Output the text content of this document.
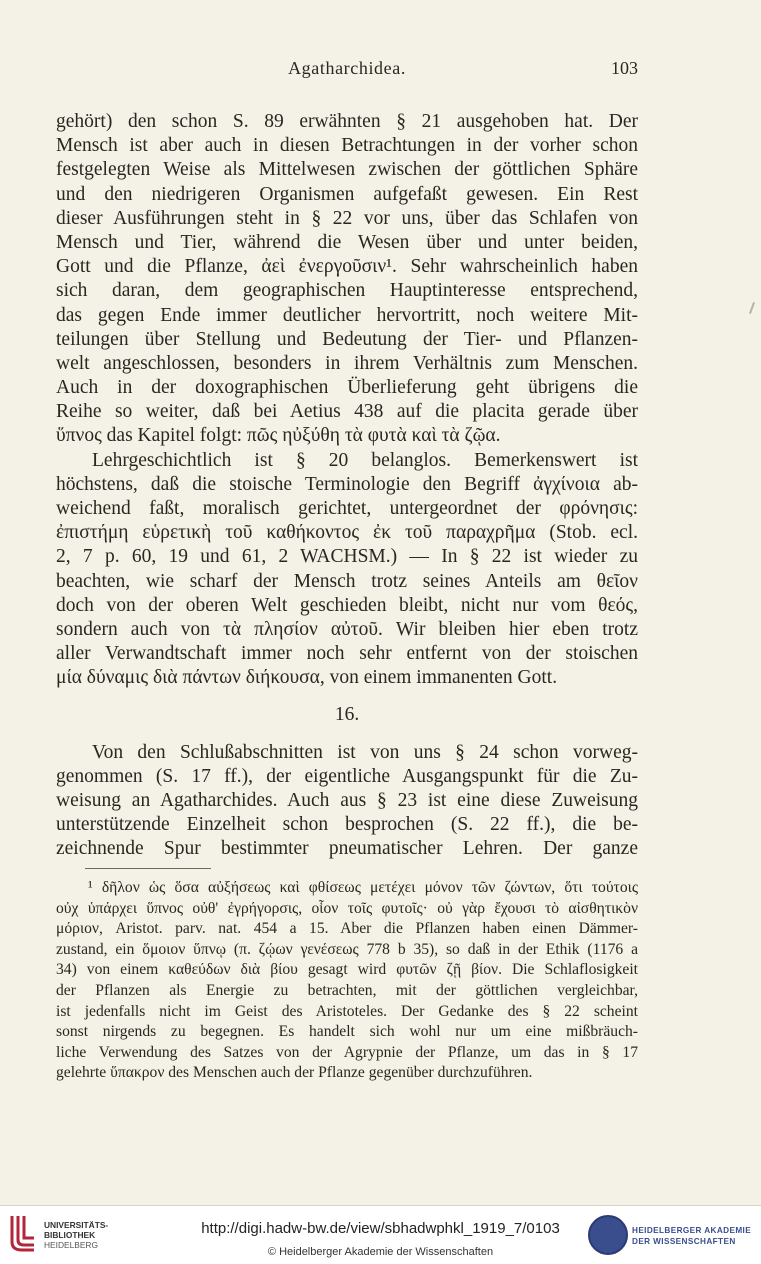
Agatharchidea.	103
gehört) den schon S. 89 erwähnten § 21 ausgehoben hat. Der
Mensch ist aber auch in diesen Betrachtungen in der vorher schon
festgelegten Weise als Mittelwesen zwischen der göttlichen Sphäre
und den niedrigeren Organismen aufgefaßt gewesen. Ein Rest
dieser Ausführungen steht in § 22 vor uns, über das Schlafen von
Mensch und Tier, während die Wesen über und unter beiden,
Gott und die Pflanze, ἀεὶ ἐνεργοῦσιν¹. Sehr wahrscheinlich haben
sich daran, dem geographischen Hauptinteresse entsprechend,
das gegen Ende immer deutlicher hervortritt, noch weitere Mit-
teilungen über Stellung und Bedeutung der Tier- und Pflanzen-
welt angeschlossen, besonders in ihrem Verhältnis zum Menschen.
Auch in der doxographischen Überlieferung geht übrigens die
Reihe so weiter, daß bei Aetius 438 auf die placita gerade über
ὕπνος das Kapitel folgt: πῶς ηὐξύθη τὰ φυτὰ καὶ τὰ ζῷα.
Lehrgeschichtlich ist § 20 belanglos. Bemerkenswert ist
höchstens, daß die stoische Terminologie den Begriff ἀγχίνοια ab-
weichend faßt, moralisch gerichtet, untergeordnet der φρόνησις:
ἐπιστήμη εὑρετικὴ τοῦ καθήκοντος ἐκ τοῦ παραχρῆμα (Stob. ecl.
2, 7 p. 60, 19 und 61, 2 WACHSM.) — In § 22 ist wieder zu
beachten, wie scharf der Mensch trotz seines Anteils am θεῖον
doch von der oberen Welt geschieden bleibt, nicht nur vom θεός,
sondern auch von τὰ πλησίον αὐτοῦ. Wir bleiben hier eben trotz
aller Verwandtschaft immer noch sehr entfernt von der stoischen
μία δύναμις διὰ πάντων διήκουσα, von einem immanenten Gott.
16.
Von den Schlußabschnitten ist von uns § 24 schon vorweg-
genommen (S. 17 ff.), der eigentliche Ausgangspunkt für die Zu-
weisung an Agatharchides. Auch aus § 23 ist eine diese Zuweisung
unterstützende Einzelheit schon besprochen (S. 22 ff.), die be-
zeichnende Spur bestimmter pneumatischer Lehren. Der ganze
¹ δῆλον ὡς ὅσα αὐξήσεως καὶ φθίσεως μετέχει μόνον τῶν ζώντων, ὅτι τούτοις
οὐχ ὑπάρχει ὕπνος οὐθ' ἐγρήγορσις, οἷον τοῖς φυτοῖς· οὐ γὰρ ἔχουσι τὸ αἰσθητικὸν
μόριον, Aristot. parv. nat. 454 a 15. Aber die Pflanzen haben einen Dämmer-
zustand, ein ὅμοιον ὕπνῳ (π. ζῴων γενέσεως 778 b 35), so daß in der Ethik (1176 a
34) von einem καθεύδων διὰ βίου gesagt wird φυτῶν ζῇ βίον. Die Schlaflosigkeit
der Pflanzen als Energie zu betrachten, mit der göttlichen vergleichbar,
ist jedenfalls nicht im Geist des Aristoteles. Der Gedanke des § 22 scheint
sonst nirgends zu begegnen. Es handelt sich wohl nur um eine mißbräuch-
liche Verwendung des Satzes von der Agrypnie der Pflanze, um das in § 17
gelehrte ὕπακρον des Menschen auch der Pflanze gegenüber durchzuführen.
UNIVERSITÄTS-
BIBLIOTHEK
HEIDELBERG
http://digi.hadw-bw.de/view/sbhadwphkl_1919_7/0103
© Heidelberger Akademie der Wissenschaften
HEIDELBERGER AKADEMIE
DER WISSENSCHAFTEN
